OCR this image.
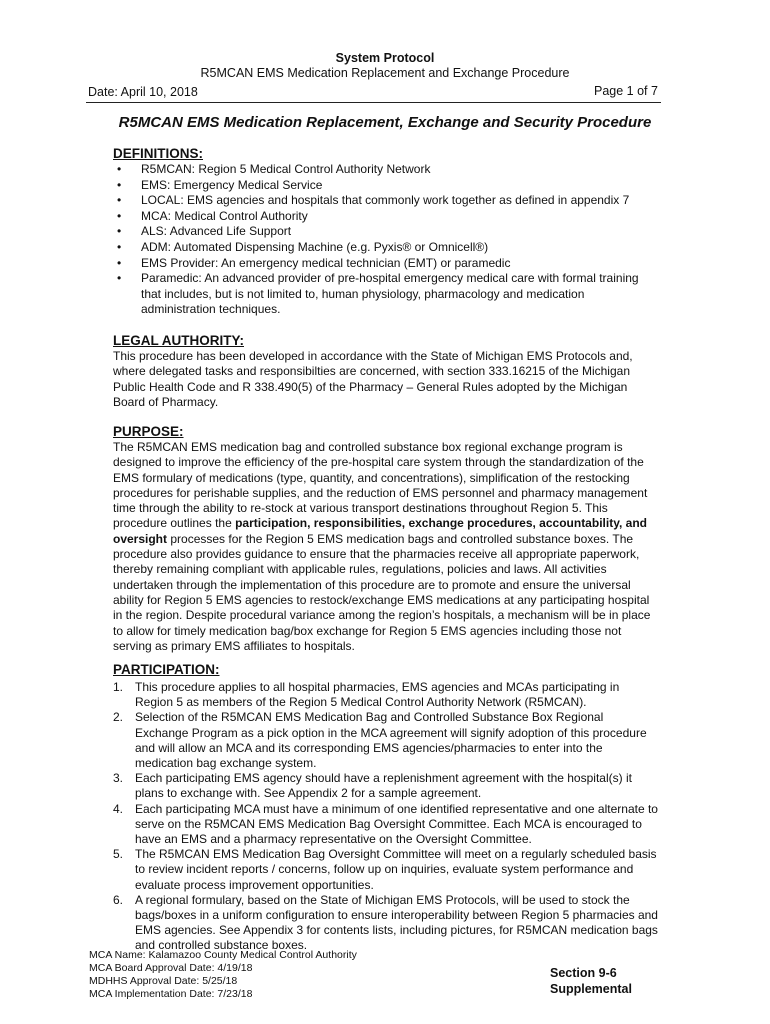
System Protocol
R5MCAN EMS Medication Replacement and Exchange Procedure
Date: April 10, 2018	Page 1 of 7
R5MCAN EMS Medication Replacement, Exchange and Security Procedure
DEFINITIONS:
• R5MCAN: Region 5 Medical Control Authority Network
• EMS: Emergency Medical Service
• LOCAL: EMS agencies and hospitals that commonly work together as defined in appendix 7
• MCA: Medical Control Authority
• ALS: Advanced Life Support
• ADM: Automated Dispensing Machine (e.g. Pyxis® or Omnicell®)
• EMS Provider: An emergency medical technician (EMT) or paramedic
• Paramedic: An advanced provider of pre-hospital emergency medical care with formal training that includes, but is not limited to, human physiology, pharmacology and medication administration techniques.
LEGAL AUTHORITY:
This procedure has been developed in accordance with the State of Michigan EMS Protocols and, where delegated tasks and responsibilties are concerned, with section 333.16215 of the Michigan Public Health Code and R 338.490(5) of the Pharmacy – General Rules adopted by the Michigan Board of Pharmacy.
PURPOSE:
The R5MCAN EMS medication bag and controlled substance box regional exchange program is designed to improve the efficiency of the pre-hospital care system through the standardization of the EMS formulary of medications (type, quantity, and concentrations), simplification of the restocking procedures for perishable supplies, and the reduction of EMS personnel and pharmacy management time through the ability to re-stock at various transport destinations throughout Region 5. This procedure outlines the participation, responsibilities, exchange procedures, accountability, and oversight processes for the Region 5 EMS medication bags and controlled substance boxes. The procedure also provides guidance to ensure that the pharmacies receive all appropriate paperwork, thereby remaining compliant with applicable rules, regulations, policies and laws. All activities undertaken through the implementation of this procedure are to promote and ensure the universal ability for Region 5 EMS agencies to restock/exchange EMS medications at any participating hospital in the region. Despite procedural variance among the region’s hospitals, a mechanism will be in place to allow for timely medication bag/box exchange for Region 5 EMS agencies including those not serving as primary EMS affiliates to hospitals.
PARTICIPATION:
1. This procedure applies to all hospital pharmacies, EMS agencies and MCAs participating in Region 5 as members of the Region 5 Medical Control Authority Network (R5MCAN).
2. Selection of the R5MCAN EMS Medication Bag and Controlled Substance Box Regional Exchange Program as a pick option in the MCA agreement will signify adoption of this procedure and will allow an MCA and its corresponding EMS agencies/pharmacies to enter into the medication bag exchange system.
3. Each participating EMS agency should have a replenishment agreement with the hospital(s) it plans to exchange with. See Appendix 2 for a sample agreement.
4. Each participating MCA must have a minimum of one identified representative and one alternate to serve on the R5MCAN EMS Medication Bag Oversight Committee. Each MCA is encouraged to have an EMS and a pharmacy representative on the Oversight Committee.
5. The R5MCAN EMS Medication Bag Oversight Committee will meet on a regularly scheduled basis to review incident reports / concerns, follow up on inquiries, evaluate system performance and evaluate process improvement opportunities.
6. A regional formulary, based on the State of Michigan EMS Protocols, will be used to stock the bags/boxes in a uniform configuration to ensure interoperability between Region 5 pharmacies and EMS agencies. See Appendix 3 for contents lists, including pictures, for R5MCAN medication bags and controlled substance boxes.
MCA Name: Kalamazoo County Medical Control Authority
MCA Board Approval Date: 4/19/18
MDHHS Approval Date: 5/25/18
MCA Implementation Date: 7/23/18
Section 9-6
Supplemental
